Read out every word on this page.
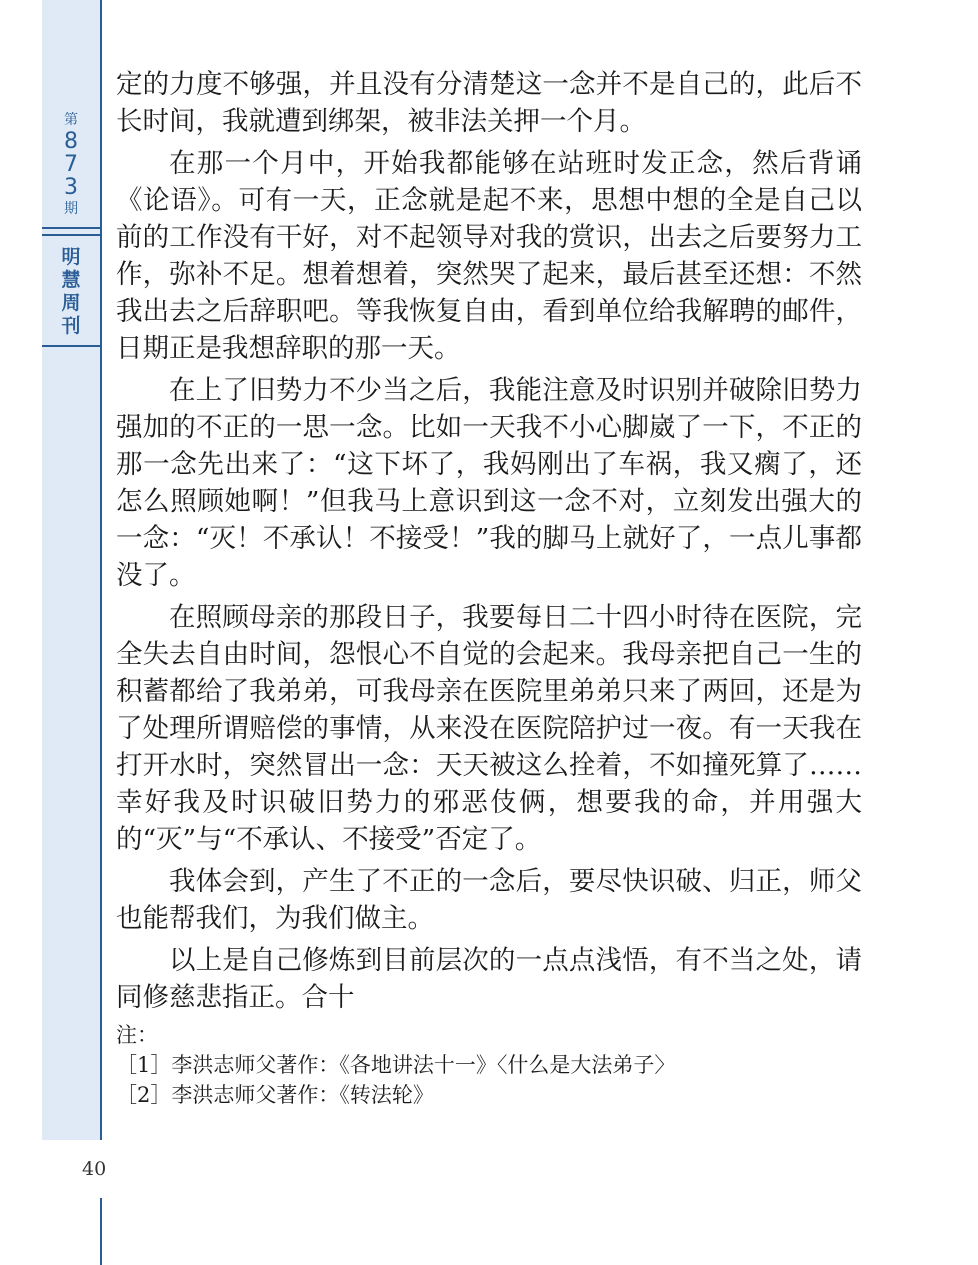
第
8
7
3
期
明
慧
周
刊

定的力度不够强，并且没有分清楚这一念并不是自己的，此后不长时间，我就遭到绑架，被非法关押一个月。

在那一个月中，开始我都能够在站班时发正念，然后背诵《论语》。可有一天，正念就是起不来，思想中想的全是自己以前的工作没有干好，对不起领导对我的赏识，出去之后要努力工作，弥补不足。想着想着，突然哭了起来，最后甚至还想：不然我出去之后辞职吧。等我恢复自由，看到单位给我解聘的邮件，日期正是我想辞职的那一天。

在上了旧势力不少当之后，我能注意及时识别并破除旧势力强加的不正的一思一念。比如一天我不小心脚崴了一下，不正的那一念先出来了：“这下坏了，我妈刚出了车祸，我又瘸了，还怎么照顾她啊！”但我马上意识到这一念不对，立刻发出强大的一念：“灭！不承认！不接受！”我的脚马上就好了，一点儿事都没了。

在照顾母亲的那段日子，我要每日二十四小时待在医院，完全失去自由时间，怨恨心不自觉的会起来。我母亲把自己一生的积蓄都给了我弟弟，可我母亲在医院里弟弟只来了两回，还是为了处理所谓赔偿的事情，从来没在医院陪护过一夜。有一天我在打开水时，突然冒出一念：天天被这么拴着，不如撞死算了……幸好我及时识破旧势力的邪恶伎俩，想要我的命，并用强大的“灭”与“不承认、不接受”否定了。

我体会到，产生了不正的一念后，要尽快识破、归正，师父也能帮我们，为我们做主。

以上是自己修炼到目前层次的一点点浅悟，有不当之处，请同修慈悲指正。合十

注：
［1］李洪志师父著作：《各地讲法十一》〈什么是大法弟子〉
［2］李洪志师父著作：《转法轮》
40
